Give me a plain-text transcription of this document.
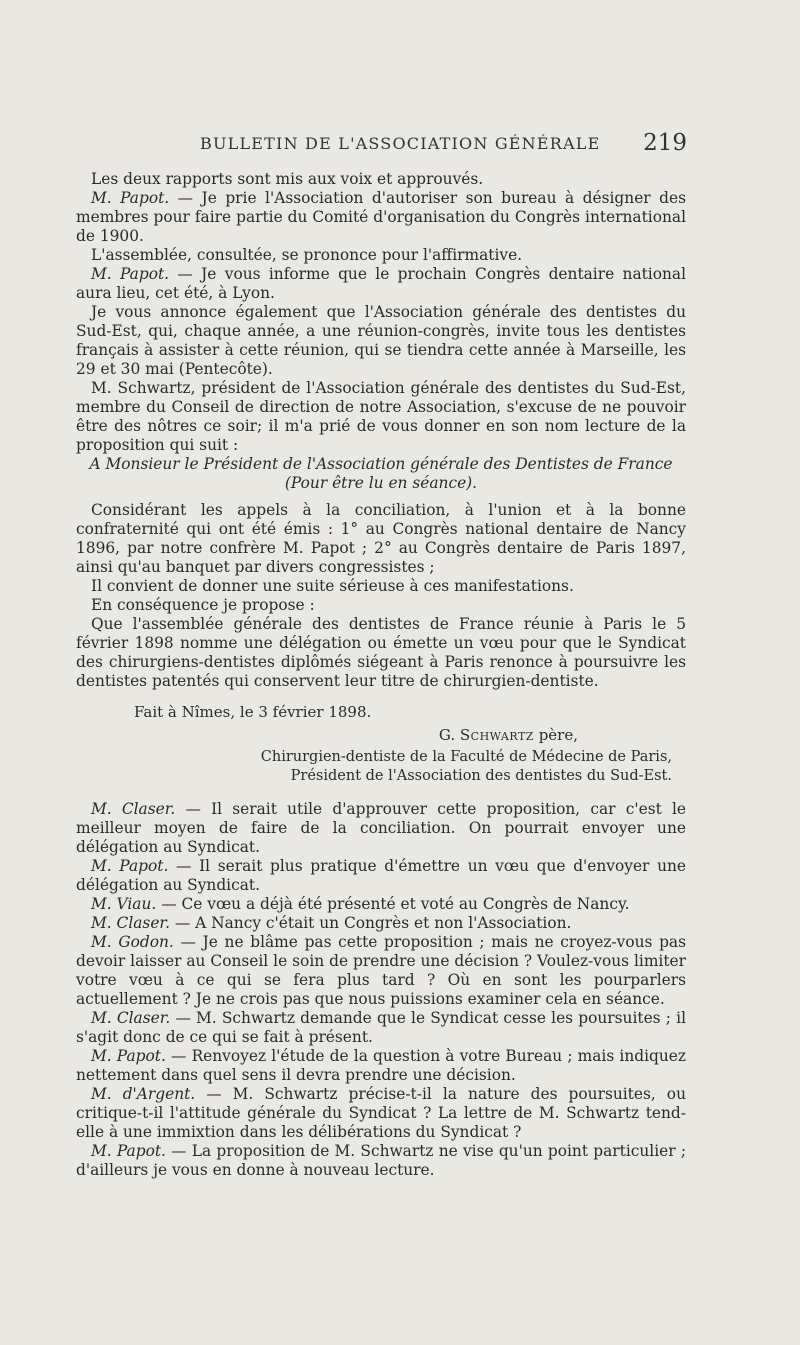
BULLETIN DE L'ASSOCIATION GÉNÉRALE 219

Les deux rapports sont mis aux voix et approuvés.

M. Papot. — Je prie l'Association d'autoriser son bureau à désigner des membres pour faire partie du Comité d'organisation du Congrès international de 1900.

L'assemblée, consultée, se prononce pour l'affirmative.

M. Papot. — Je vous informe que le prochain Congrès dentaire national aura lieu, cet été, à Lyon.

Je vous annonce également que l'Association générale des dentistes du Sud-Est, qui, chaque année, a une réunion-congrès, invite tous les dentistes français à assister à cette réunion, qui se tiendra cette année à Marseille, les 29 et 30 mai (Pentecôte).

M. Schwartz, président de l'Association générale des dentistes du Sud-Est, membre du Conseil de direction de notre Association, s'excuse de ne pouvoir être des nôtres ce soir; il m'a prié de vous donner en son nom lecture de la proposition qui suit :

A Monsieur le Président de l'Association générale des Dentistes de France
(Pour être lu en séance).

Considérant les appels à la conciliation, à l'union et à la bonne confraternité qui ont été émis : 1° au Congrès national dentaire de Nancy 1896, par notre confrère M. Papot ; 2° au Congrès dentaire de Paris 1897, ainsi qu'au banquet par divers congressistes ;

Il convient de donner une suite sérieuse à ces manifestations.

En conséquence je propose :

Que l'assemblée générale des dentistes de France réunie à Paris le 5 février 1898 nomme une délégation ou émette un vœu pour que le Syndicat des chirurgiens-dentistes diplômés siégeant à Paris renonce à poursuivre les dentistes patentés qui conservent leur titre de chirurgien-dentiste.

Fait à Nîmes, le 3 février 1898.
G. Schwartz père,
Chirurgien-dentiste de la Faculté de Médecine de Paris,
Président de l'Association des dentistes du Sud-Est.

M. Claser. — Il serait utile d'approuver cette proposition, car c'est le meilleur moyen de faire de la conciliation. On pourrait envoyer une délégation au Syndicat.

M. Papot. — Il serait plus pratique d'émettre un vœu que d'envoyer une délégation au Syndicat.

M. Viau. — Ce vœu a déjà été présenté et voté au Congrès de Nancy.

M. Claser. — A Nancy c'était un Congrès et non l'Association.

M. Godon. — Je ne blâme pas cette proposition ; mais ne croyez-vous pas devoir laisser au Conseil le soin de prendre une décision ? Voulez-vous limiter votre vœu à ce qui se fera plus tard ? Où en sont les pourparlers actuellement ? Je ne crois pas que nous puissions examiner cela en séance.

M. Claser. — M. Schwartz demande que le Syndicat cesse les poursuites ; il s'agit donc de ce qui se fait à présent.

M. Papot. — Renvoyez l'étude de la question à votre Bureau ; mais indiquez nettement dans quel sens il devra prendre une décision.

M. d'Argent. — M. Schwartz précise-t-il la nature des poursuites, ou critique-t-il l'attitude générale du Syndicat ? La lettre de M. Schwartz tend-elle à une immixtion dans les délibérations du Syndicat ?

M. Papot. — La proposition de M. Schwartz ne vise qu'un point particulier ; d'ailleurs je vous en donne à nouveau lecture.
